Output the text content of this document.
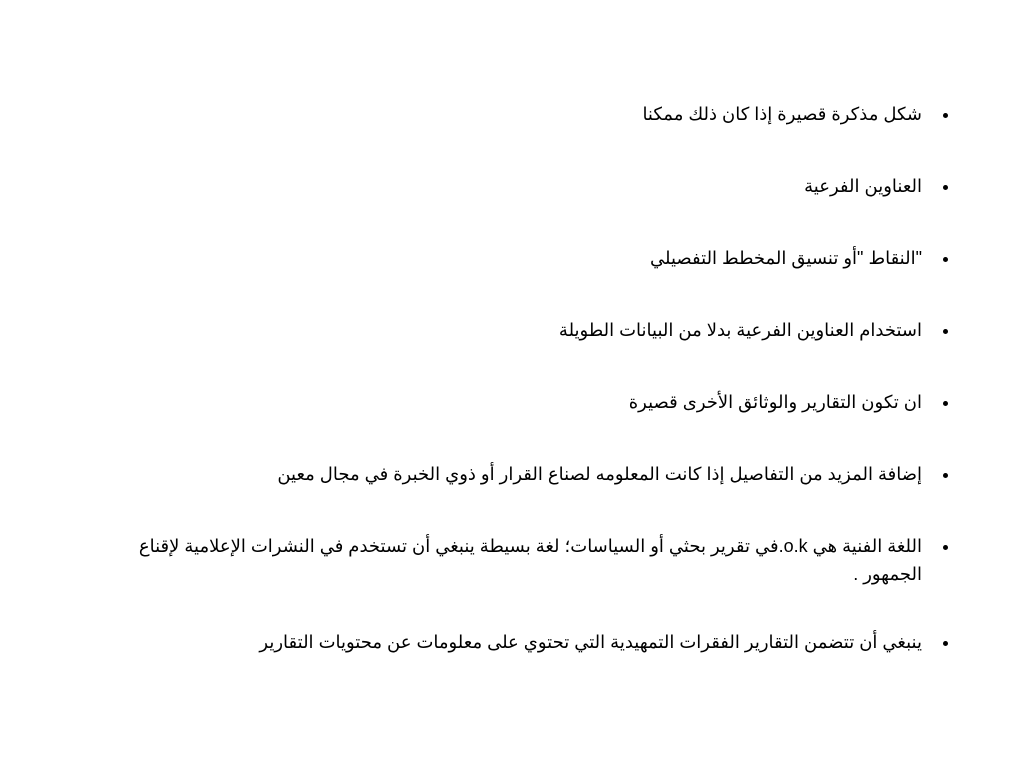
شكل مذكرة قصيرة إذا كان ذلك ممكنا
العناوين الفرعية
"النقاط "أو تنسيق المخطط التفصيلي
استخدام العناوين الفرعية بدلا من البيانات الطويلة
ان تكون التقارير والوثائق الأخرى قصيرة
إضافة المزيد من التفاصيل إذا كانت المعلومه لصناع القرار أو ذوي الخبرة في مجال معين
اللغة الفنية هي o.k.في تقرير بحثي أو السياسات؛ لغة بسيطة ينبغي أن تستخدم في النشرات الإعلامية لإقناع الجمهور .
ينبغي أن تتضمن التقارير الفقرات التمهيدية التي تحتوي على معلومات عن محتويات التقارير
